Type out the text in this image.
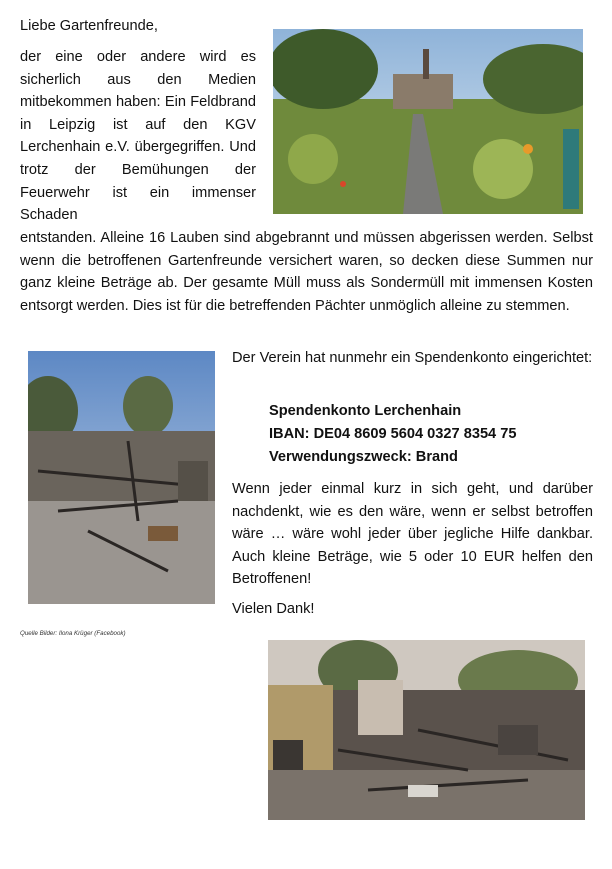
Liebe Gartenfreunde,
der eine oder andere wird es sicherlich aus den Medien mitbekommen haben: Ein Feldbrand in Leipzig ist auf den KGV Lerchenhain e.V. übergegriffen. Und trotz der Bemühungen der Feuerwehr ist ein immenser Schaden
entstanden. Alleine 16 Lauben sind abgebrannt und müssen abgerissen werden. Selbst wenn die betroffenen Gartenfreunde versichert waren, so decken diese Summen nur ganz kleine Beträge ab. Der gesamte Müll muss als Sondermüll mit immensen Kosten entsorgt werden. Dies ist für die betreffenden Pächter unmöglich alleine zu stemmen.
Der Verein hat nunmehr ein Spendenkonto eingerichtet:
Spendenkonto Lerchenhain
IBAN: DE04 8609 5604 0327 8354 75
Verwendungszweck: Brand
Wenn jeder einmal kurz in sich geht, und darüber nachdenkt, wie es den wäre, wenn er selbst betroffen wäre … wäre wohl jeder über jegliche Hilfe dankbar. Auch kleine Beträge, wie 5 oder 10 EUR helfen den Betroffenen!
Vielen Dank!
Quelle Bilder: Ilona Krüger (Facebook)
